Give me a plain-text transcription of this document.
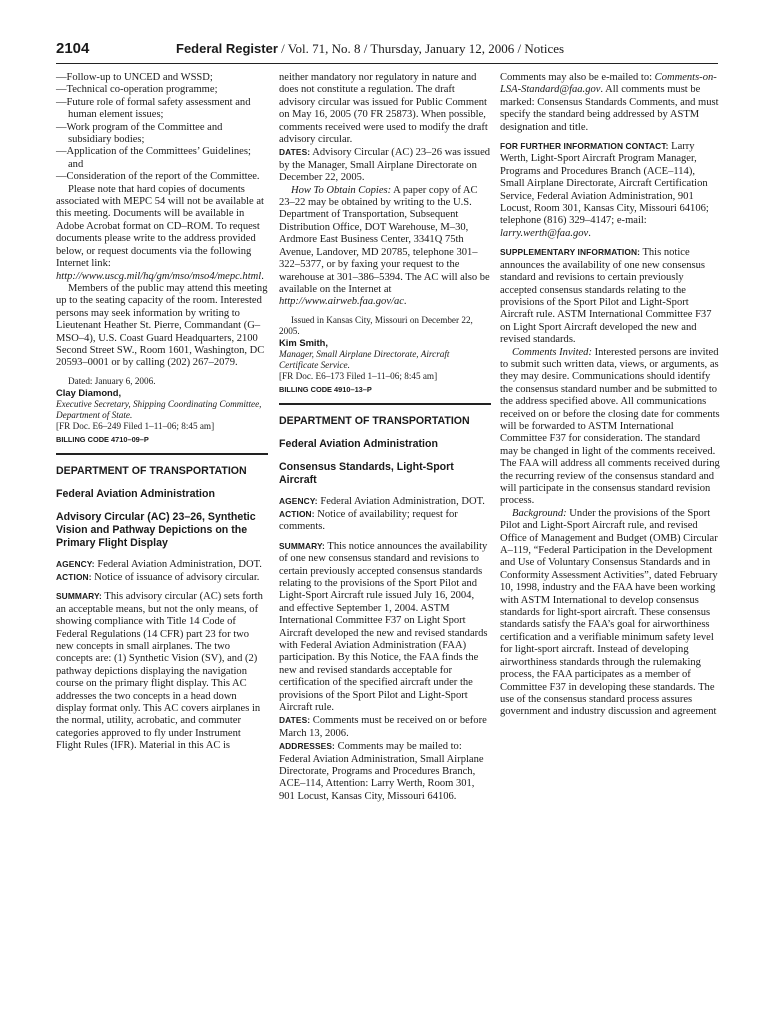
2104	Federal Register / Vol. 71, No. 8 / Thursday, January 12, 2006 / Notices

—Follow-up to UNCED and WSSD;

—Technical co-operation programme;

—Future role of formal safety assessment and human element issues;

—Work program of the Committee and subsidiary bodies;

—Application of the Committees’ Guidelines; and

—Consideration of the report of the Committee.

Please note that hard copies of documents associated with MEPC 54 will not be available at this meeting. Documents will be available in Adobe Acrobat format on CD–ROM. To request documents please write to the address provided below, or request documents via the following Internet link: http://www.uscg.mil/hq/gm/mso/mso4/mepc.html.

Members of the public may attend this meeting up to the seating capacity of the room. Interested persons may seek information by writing to Lieutenant Heather St. Pierre, Commandant (G–MSO–4), U.S. Coast Guard Headquarters, 2100 Second Street SW., Room 1601, Washington, DC 20593–0001 or by calling (202) 267–2079.

Dated: January 6, 2006.

Clay Diamond,

Executive Secretary, Shipping Coordinating Committee, Department of State.

[FR Doc. E6–249 Filed 1–11–06; 8:45 am]

BILLING CODE 4710–09–P

DEPARTMENT OF TRANSPORTATION
Federal Aviation Administration
Advisory Circular (AC) 23–26, Synthetic Vision and Pathway Depictions on the Primary Flight Display

AGENCY: Federal Aviation Administration, DOT.

ACTION: Notice of issuance of advisory circular.

SUMMARY: This advisory circular (AC) sets forth an acceptable means, but not the only means, of showing compliance with Title 14 Code of Federal Regulations (14 CFR) part 23 for two new concepts in small airplanes. The two concepts are: (1) Synthetic Vision (SV), and (2) pathway depictions displaying the navigation course on the primary flight display. This AC addresses the two concepts in a head down display format only. This AC covers airplanes in the normal, utility, acrobatic, and commuter categories approved to fly under Instrument Flight Rules (IFR). Material in this AC is

neither mandatory nor regulatory in nature and does not constitute a regulation. The draft advisory circular was issued for Public Comment on May 16, 2005 (70 FR 25873). When possible, comments received were used to modify the draft advisory circular.

DATES: Advisory Circular (AC) 23–26 was issued by the Manager, Small Airplane Directorate on December 22, 2005.

How To Obtain Copies: A paper copy of AC 23–22 may be obtained by writing to the U.S. Department of Transportation, Subsequent Distribution Office, DOT Warehouse, M–30, Ardmore East Business Center, 3341Q 75th Avenue, Landover, MD 20785, telephone 301–322–5377, or by faxing your request to the warehouse at 301–386–5394. The AC will also be available on the Internet at http://www.airweb.faa.gov/ac.

Issued in Kansas City, Missouri on December 22, 2005.

Kim Smith,

Manager, Small Airplane Directorate, Aircraft Certificate Service.

[FR Doc. E6–173 Filed 1–11–06; 8:45 am]

BILLING CODE 4910–13–P

DEPARTMENT OF TRANSPORTATION
Federal Aviation Administration
Consensus Standards, Light-Sport Aircraft

AGENCY: Federal Aviation Administration, DOT.

ACTION: Notice of availability; request for comments.

SUMMARY: This notice announces the availability of one new consensus standard and revisions to certain previously accepted consensus standards relating to the provisions of the Sport Pilot and Light-Sport Aircraft rule issued July 16, 2004, and effective September 1, 2004. ASTM International Committee F37 on Light Sport Aircraft developed the new and revised standards with Federal Aviation Administration (FAA) participation. By this Notice, the FAA finds the new and revised standards acceptable for certification of the specified aircraft under the provisions of the Sport Pilot and Light-Sport Aircraft rule.

DATES: Comments must be received on or before March 13, 2006.

ADDRESSES: Comments may be mailed to: Federal Aviation Administration, Small Airplane Directorate, Programs and Procedures Branch, ACE–114, Attention: Larry Werth, Room 301, 901 Locust, Kansas City, Missouri 64106.

Comments may also be e-mailed to: Comments-on-LSA-Standard@faa.gov. All comments must be marked: Consensus Standards Comments, and must specify the standard being addressed by ASTM designation and title.

FOR FURTHER INFORMATION CONTACT: Larry Werth, Light-Sport Aircraft Program Manager, Programs and Procedures Branch (ACE–114), Small Airplane Directorate, Aircraft Certification Service, Federal Aviation Administration, 901 Locust, Room 301, Kansas City, Missouri 64106; telephone (816) 329–4147; e-mail: larry.werth@faa.gov.

SUPPLEMENTARY INFORMATION: This notice announces the availability of one new consensus standard and revisions to certain previously accepted consensus standards relating to the provisions of the Sport Pilot and Light-Sport Aircraft rule. ASTM International Committee F37 on Light Sport Aircraft developed the new and revised standards.

Comments Invited: Interested persons are invited to submit such written data, views, or arguments, as they may desire. Communications should identify the consensus standard number and be submitted to the address specified above. All communications received on or before the closing date for comments will be forwarded to ASTM International Committee F37 for consideration. The standard may be changed in light of the comments received. The FAA will address all comments received during the recurring review of the consensus standard and will participate in the consensus standard revision process.

Background: Under the provisions of the Sport Pilot and Light-Sport Aircraft rule, and revised Office of Management and Budget (OMB) Circular A–119, “Federal Participation in the Development and Use of Voluntary Consensus Standards and in Conformity Assessment Activities”, dated February 10, 1998, industry and the FAA have been working with ASTM International to develop consensus standards for light-sport aircraft. These consensus standards satisfy the FAA’s goal for airworthiness certification and a verifiable minimum safety level for light-sport aircraft. Instead of developing airworthiness standards through the rulemaking process, the FAA participates as a member of Committee F37 in developing these standards. The use of the consensus standard process assures government and industry discussion and agreement
